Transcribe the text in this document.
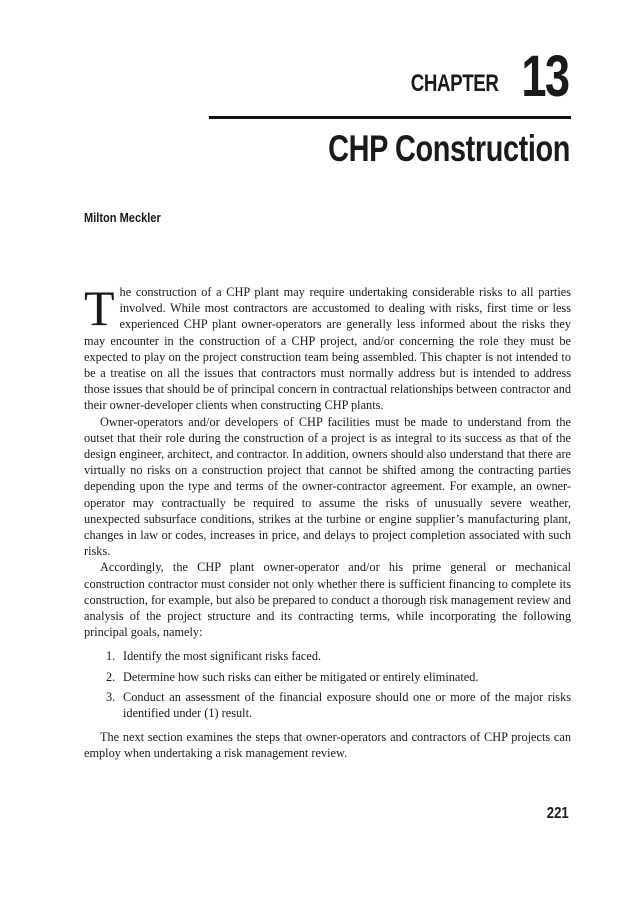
CHAPTER 13
CHP Construction
Milton Meckler

The construction of a CHP plant may require undertaking considerable risks to all parties involved. While most contractors are accustomed to dealing with risks, first time or less experienced CHP plant owner-operators are generally less informed about the risks they may encounter in the construction of a CHP project, and/or concerning the role they must be expected to play on the project construction team being assembled. This chapter is not intended to be a treatise on all the issues that contractors must normally address but is intended to address those issues that should be of principal concern in contractual relationships between contractor and their owner-developer clients when constructing CHP plants.

Owner-operators and/or developers of CHP facilities must be made to understand from the outset that their role during the construction of a project is as integral to its success as that of the design engineer, architect, and contractor. In addition, owners should also understand that there are virtually no risks on a construction project that cannot be shifted among the contracting parties depending upon the type and terms of the owner-contractor agreement. For example, an owner-operator may contractually be required to assume the risks of unusually severe weather, unexpected subsurface conditions, strikes at the turbine or engine supplier’s manufacturing plant, changes in law or codes, increases in price, and delays to project completion associated with such risks.

Accordingly, the CHP plant owner-operator and/or his prime general or mechanical construction contractor must consider not only whether there is sufficient financing to complete its construction, for example, but also be prepared to conduct a thorough risk management review and analysis of the project structure and its contracting terms, while incorporating the following principal goals, namely:

1. Identify the most significant risks faced.
2. Determine how such risks can either be mitigated or entirely eliminated.
3. Conduct an assessment of the financial exposure should one or more of the major risks identified under (1) result.

The next section examines the steps that owner-operators and contractors of CHP projects can employ when undertaking a risk management review.

221
